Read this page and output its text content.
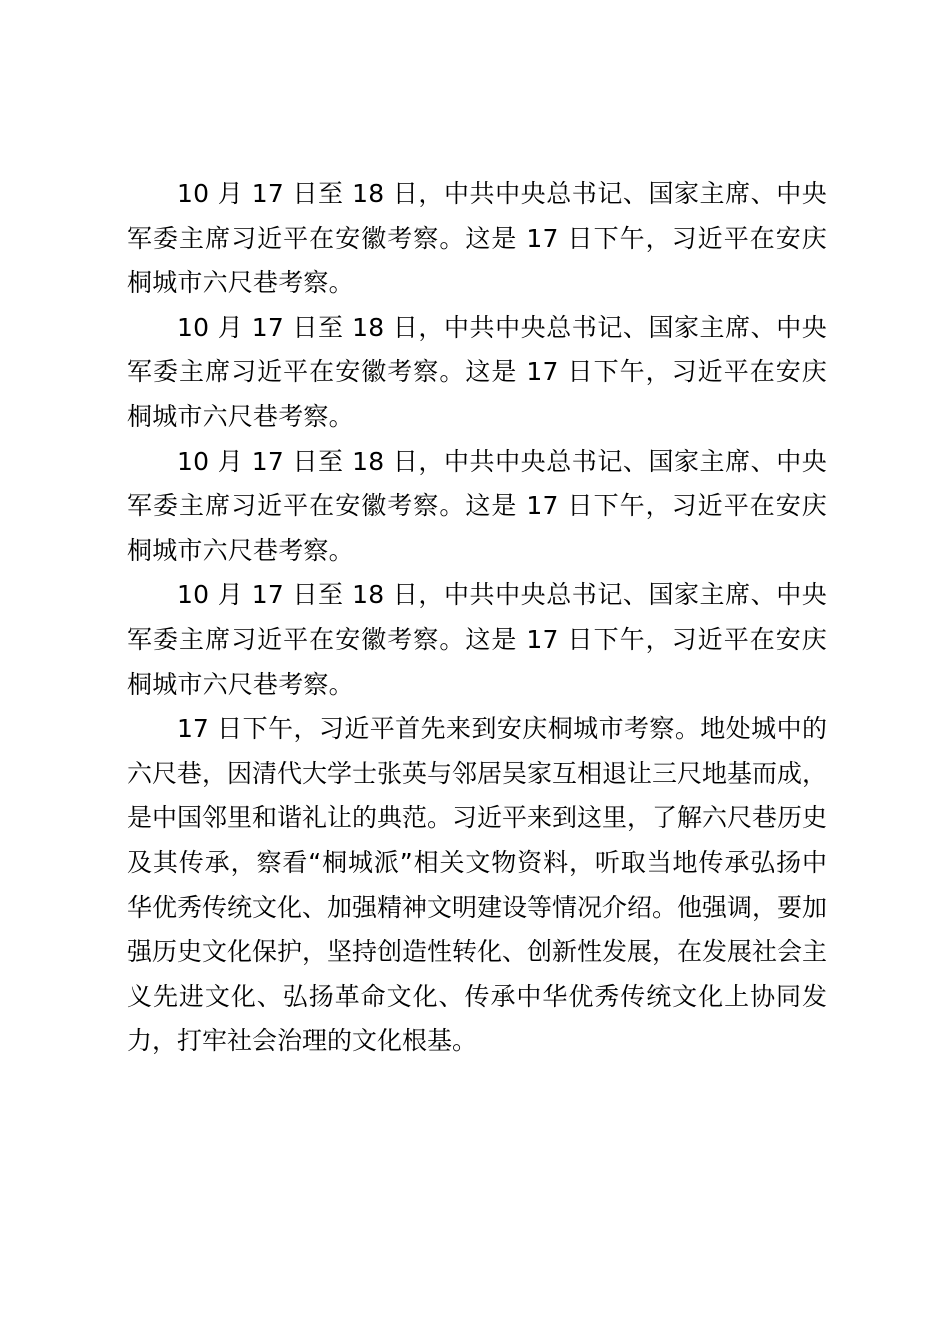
10 月 17 日至 18 日，中共中央总书记、国家主席、中央军委主席习近平在安徽考察。这是 17 日下午，习近平在安庆桐城市六尺巷考察。

10 月 17 日至 18 日，中共中央总书记、国家主席、中央军委主席习近平在安徽考察。这是 17 日下午，习近平在安庆桐城市六尺巷考察。

10 月 17 日至 18 日，中共中央总书记、国家主席、中央军委主席习近平在安徽考察。这是 17 日下午，习近平在安庆桐城市六尺巷考察。

10 月 17 日至 18 日，中共中央总书记、国家主席、中央军委主席习近平在安徽考察。这是 17 日下午，习近平在安庆桐城市六尺巷考察。

17 日下午，习近平首先来到安庆桐城市考察。地处城中的六尺巷，因清代大学士张英与邻居吴家互相退让三尺地基而成，是中国邻里和谐礼让的典范。习近平来到这里，了解六尺巷历史及其传承，察看“桐城派”相关文物资料，听取当地传承弘扬中华优秀传统文化、加强精神文明建设等情况介绍。他强调，要加强历史文化保护，坚持创造性转化、创新性发展，在发展社会主义先进文化、弘扬革命文化、传承中华优秀传统文化上协同发力，打牢社会治理的文化根基。
